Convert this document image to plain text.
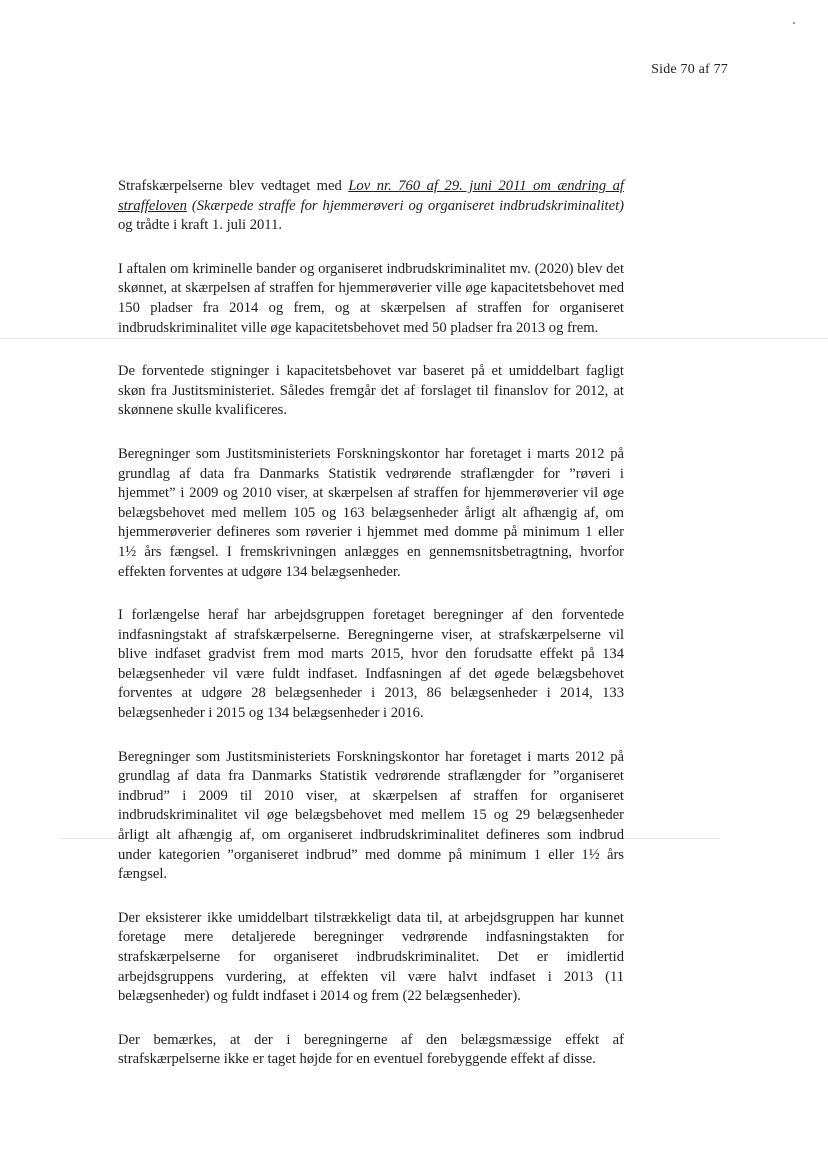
Side 70 af 77

Strafskærpelserne blev vedtaget med Lov nr. 760 af 29. juni 2011 om ændring af straffeloven (Skærpede straffe for hjemmerøveri og organiseret indbrudskriminalitet) og trådte i kraft 1. juli 2011.

I aftalen om kriminelle bander og organiseret indbrudskriminalitet mv. (2020) blev det skønnet, at skærpelsen af straffen for hjemmerøverier ville øge kapacitetsbehovet med 150 pladser fra 2014 og frem, og at skærpelsen af straffen for organiseret indbrudskriminalitet ville øge kapacitetsbehovet med 50 pladser fra 2013 og frem.

De forventede stigninger i kapacitetsbehovet var baseret på et umiddelbart fagligt skøn fra Justitsministeriet. Således fremgår det af forslaget til finanslov for 2012, at skønnene skulle kvalificeres.

Beregninger som Justitsministeriets Forskningskontor har foretaget i marts 2012 på grundlag af data fra Danmarks Statistik vedrørende straflængder for ”røveri i hjemmet” i 2009 og 2010 viser, at skærpelsen af straffen for hjemmerøverier vil øge belægsbehovet med mellem 105 og 163 belægsenheder årligt alt afhængig af, om hjemmerøverier defineres som røverier i hjemmet med domme på minimum 1 eller 1½ års fængsel. I fremskrivningen anlægges en gennemsnitsbetragtning, hvorfor effekten forventes at udgøre 134 belægsenheder.

I forlængelse heraf har arbejdsgruppen foretaget beregninger af den forventede indfasningstakt af strafskærpelserne. Beregningerne viser, at strafskærpelserne vil blive indfaset gradvist frem mod marts 2015, hvor den forudsatte effekt på 134 belægsenheder vil være fuldt indfaset. Indfasningen af det øgede belægsbehovet forventes at udgøre 28 belægsenheder i 2013, 86 belægsenheder i 2014, 133 belægsenheder i 2015 og 134 belægsenheder i 2016.

Beregninger som Justitsministeriets Forskningskontor har foretaget i marts 2012 på grundlag af data fra Danmarks Statistik vedrørende straflængder for ”organiseret indbrud” i 2009 til 2010 viser, at skærpelsen af straffen for organiseret indbrudskriminalitet vil øge belægsbehovet med mellem 15 og 29 belægsenheder årligt alt afhængig af, om organiseret indbrudskriminalitet defineres som indbrud under kategorien ”organiseret indbrud” med domme på minimum 1 eller 1½ års fængsel.

Der eksisterer ikke umiddelbart tilstrækkeligt data til, at arbejdsgruppen har kunnet foretage mere detaljerede beregninger vedrørende indfasningstakten for strafskærpelserne for organiseret indbrudskriminalitet. Det er imidlertid arbejdsgruppens vurdering, at effekten vil være halvt indfaset i 2013 (11 belægsenheder) og fuldt indfaset i 2014 og frem (22 belægsenheder).

Der bemærkes, at der i beregningerne af den belægsmæssige effekt af strafskærpelserne ikke er taget højde for en eventuel forebyggende effekt af disse.
